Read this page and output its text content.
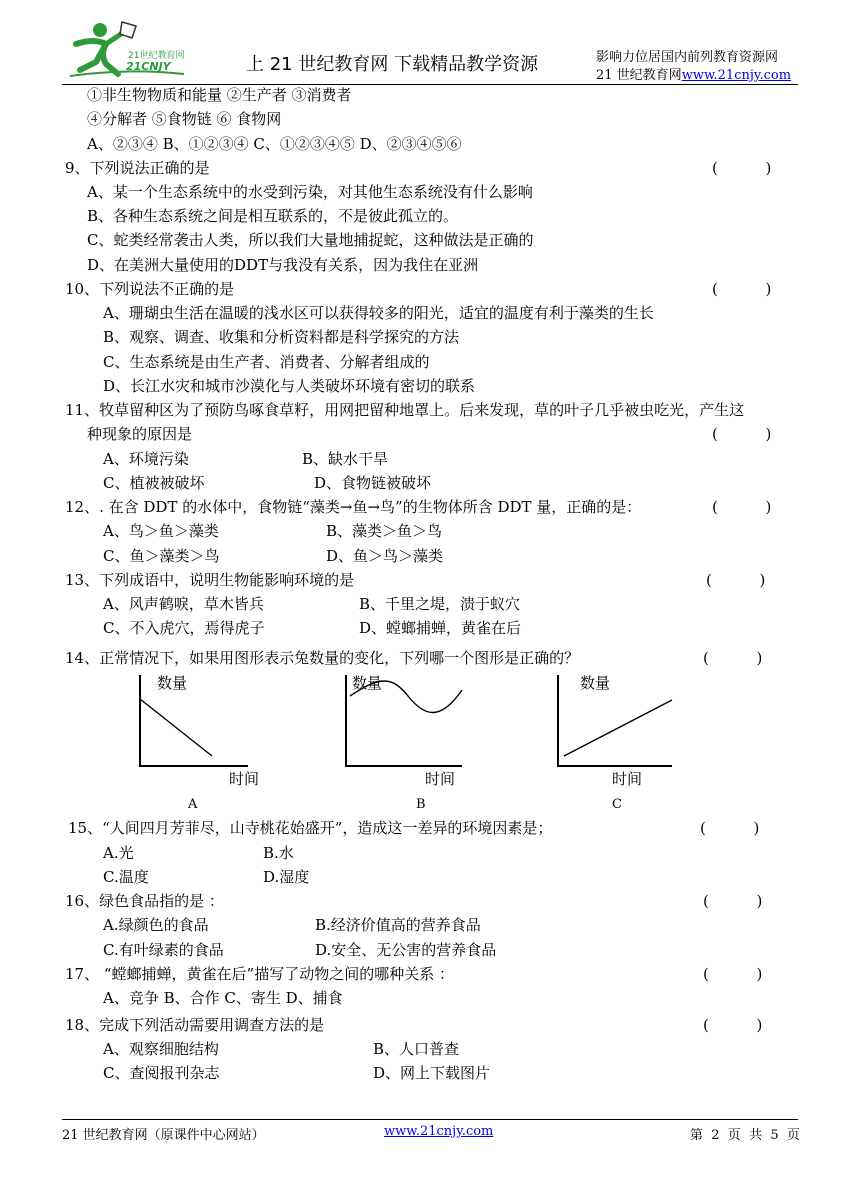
21世纪教育网
21CNJY	上 21 世纪教育网 下载精品教学资源	影响力位居国内前列教育资源网
21 世纪教育网www.21cnjy.com
①非生物物质和能量 ②生产者 ③消费者
④分解者 ⑤食物链 ⑥ 食物网
A、②③④ B、①②③④ C、①②③④⑤ D、②③④⑤⑥
9、下列说法正确的是	(          )
A、某一个生态系统中的水受到污染，对其他生态系统没有什么影响
B、各种生态系统之间是相互联系的，不是彼此孤立的。
C、蛇类经常袭击人类，所以我们大量地捕捉蛇，这种做法是正确的
D、在美洲大量使用的DDT与我没有关系，因为我住在亚洲
10、下列说法不正确的是	(          )
A、珊瑚虫生活在温暖的浅水区可以获得较多的阳光，适宜的温度有利于藻类的生长
B、观察、调查、收集和分析资料都是科学探究的方法
C、生态系统是由生产者、消费者、分解者组成的
D、长江水灾和城市沙漠化与人类破坏环境有密切的联系
11、牧草留种区为了预防鸟啄食草籽，用网把留种地罩上。后来发现，草的叶子几乎被虫吃光，产生这
种现象的原因是	(          )
A、环境污染	B、缺水干旱
C、植被被破坏	D、食物链被破坏
12、. 在含 DDT 的水体中，食物链“藻类→鱼→鸟”的生物体所含 DDT 量，正确的是：	(          )
A、鸟＞鱼＞藻类	B、藻类＞鱼＞鸟
C、鱼＞藻类＞鸟	D、鱼＞鸟＞藻类
13、下列成语中，说明生物能影响环境的是	(          )
A、风声鹤唳，草木皆兵	B、千里之堤，溃于蚁穴
C、不入虎穴，焉得虎子	D、螳螂捕蝉，黄雀在后
14、正常情况下，如果用图形表示兔数量的变化，下列哪一个图形是正确的？	(          )
数量
时间
A
数量
时间
B
数量
时间
C
15、“人间四月芳菲尽，山寺桃花始盛开”，造成这一差异的环境因素是；	(          )
A.光	B.水
C.温度	D.湿度
16、绿色食品指的是 ：	(          )
A.绿颜色的食品	B.经济价值高的营养食品
C.有叶绿素的食品	D.安全、无公害的营养食品
17、 “螳螂捕蝉，黄雀在后”描写了动物之间的哪种关系 ：	(          )
A、竞争 B、合作 C、寄生 D、捕食
18、完成下列活动需要用调查方法的是	(          )
A、观察细胞结构	B、人口普查
C、查阅报刊杂志	D、网上下载图片
21 世纪教育网（原课件中心网站）	www.21cnjy.com	第  2  页  共  5  页
